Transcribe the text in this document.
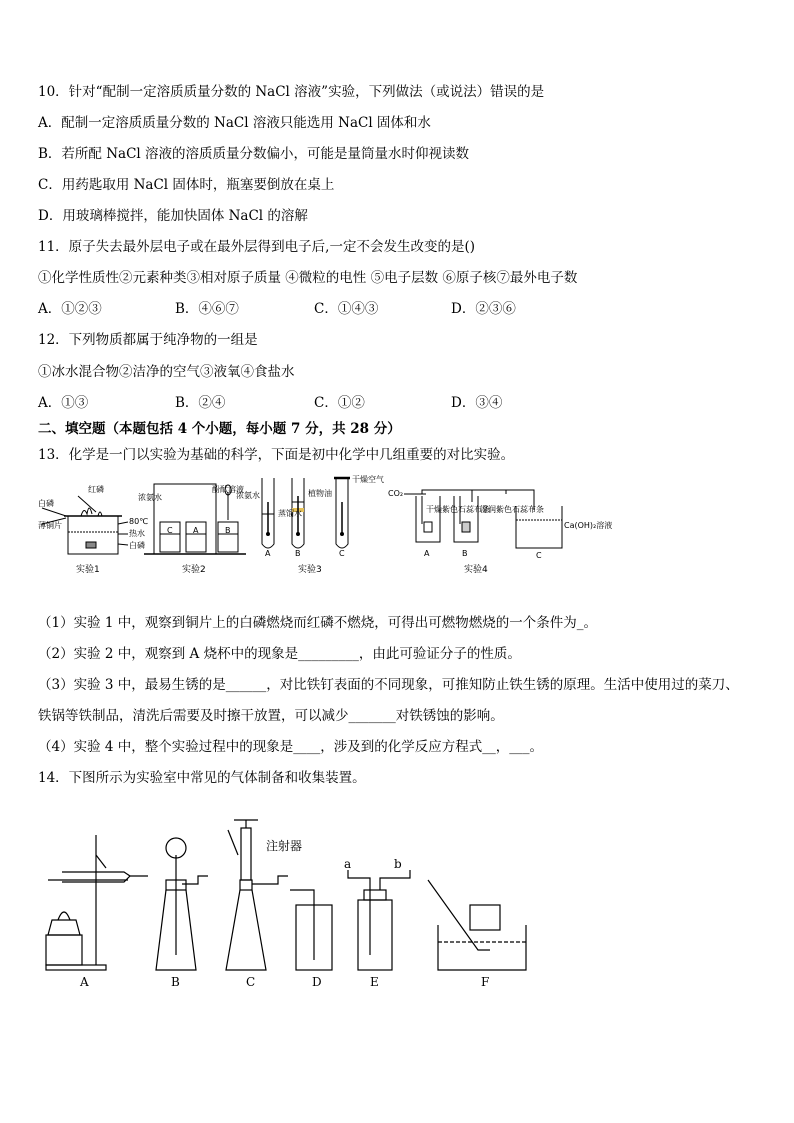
10．针对“配制一定溶质质量分数的 NaCl 溶液”实验，下列做法（或说法）错误的是
A．配制一定溶质质量分数的 NaCl 溶液只能选用 NaCl 固体和水
B．若所配 NaCl 溶液的溶质质量分数偏小，可能是量筒量水时仰视读数
C．用药匙取用 NaCl 固体时，瓶塞要倒放在桌上
D．用玻璃棒搅拌，能加快固体 NaCl 的溶解
11．原子失去最外层电子或在最外层得到电子后,一定不会发生改变的是()
①化学性质性②元素种类③相对原子质量 ④微粒的电性 ⑤电子层数 ⑥原子核⑦最外电子数
A．①②③	B．④⑥⑦	C．①④③	D．②③⑥
12．下列物质都属于纯净物的一组是
①冰水混合物②洁净的空气③液氧④食盐水
A．①③	B．②④	C．①②	D．③④
二、填空题（本题包括 4 个小题，每小题 7 分，共 28 分）
13．化学是一门以实验为基础的科学，下面是初中化学中几组重要的对比实验。
红磷
白磷
薄铜片	80℃
热水
白磷
实验1
浓氨水
酚酞溶液
浓氨水
C	A	B
实验2
蒸馏水
植物油
干燥空气
A	B	C
实验3
CO₂
干燥紫色石蕊布条
湿润紫色石蕊布条
Ca(OH)₂溶液
A	B	C
实验4
（1）实验 1 中，观察到铜片上的白磷燃烧而红磷不燃烧，可得出可燃物燃烧的一个条件为_。
（2）实验 2 中，观察到 A 烧杯中的现象是_________，由此可验证分子的性质。
（3）实验 3 中，最易生锈的是______，对比铁钉表面的不同现象，可推知防止铁生锈的原理。生活中使用过的菜刀、
铁锅等铁制品，清洗后需要及时擦干放置，可以减少_______对铁锈蚀的影响。
（4）实验 4 中，整个实验过程中的现象是____，涉及到的化学反应方程式__，___。
14．下图所示为实验室中常见的气体制备和收集装置。
注射器
a	b
A	B	C	D	E	F
